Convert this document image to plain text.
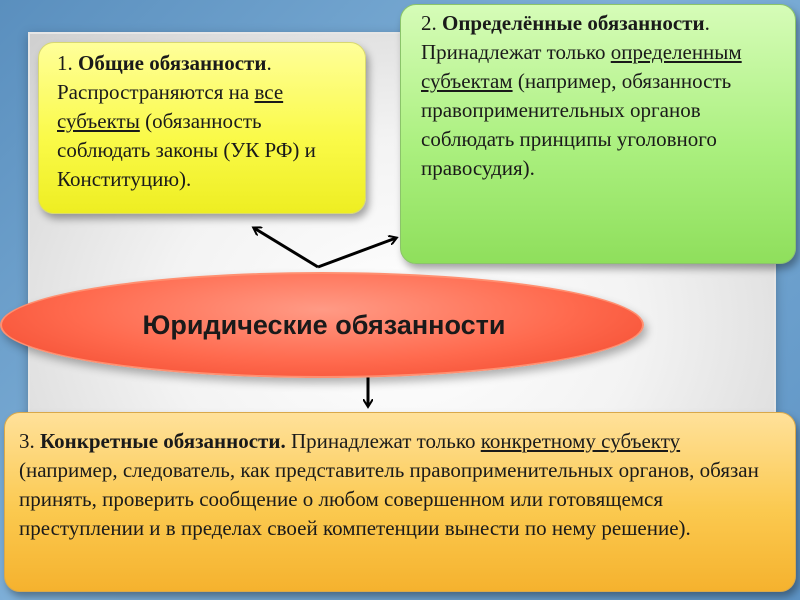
1. Общие обязанности. Распространяются на все субъекты (обязанность соблюдать законы (УК РФ) и Конституцию).

2. Определённые обязанности. Принадлежат только определенным субъектам (например, обязанность правоприменительных органов соблюдать принципы уголовного правосудия).

Юридические обязанности

3. Конкретные обязанности. Принадлежат только конкретному субъекту (например, следователь, как представитель правоприменительных органов, обязан принять, проверить сообщение о любом совершенном или готовящемся преступлении и в пределах своей компетенции вынести по нему решение).
